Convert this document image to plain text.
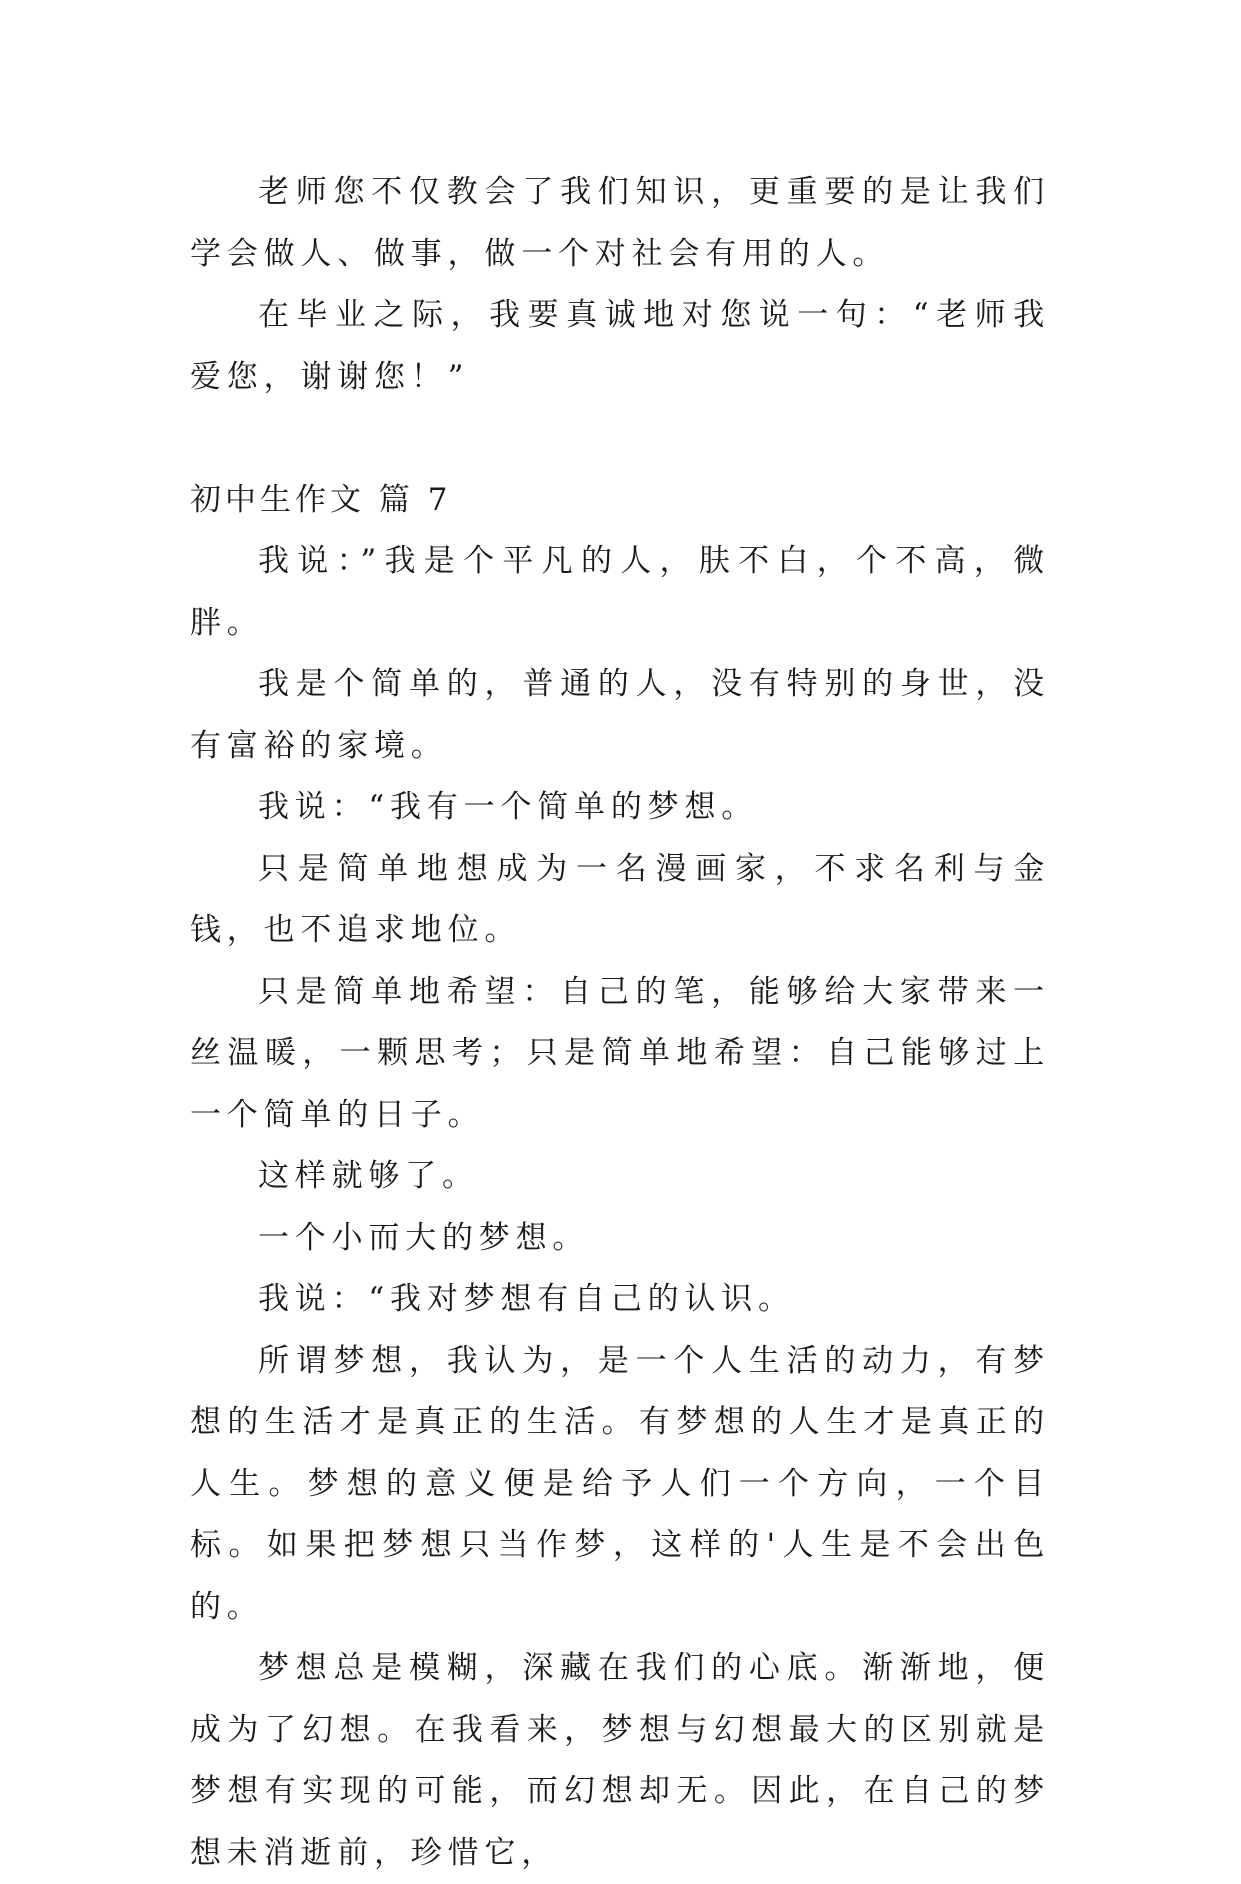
老师您不仅教会了我们知识，更重要的是让我们学会做人、做事，做一个对社会有用的人。

在毕业之际，我要真诚地对您说一句：“老师我爱您，谢谢您！”

初中生作文 篇 7

我说：”我是个平凡的人，肤不白，个不高，微胖。

我是个简单的，普通的人，没有特别的身世，没有富裕的家境。

我说：“我有一个简单的梦想。

只是简单地想成为一名漫画家，不求名利与金钱，也不追求地位。

只是简单地希望：自己的笔，能够给大家带来一丝温暖，一颗思考；只是简单地希望：自己能够过上一个简单的日子。

这样就够了。

一个小而大的梦想。

我说：“我对梦想有自己的认识。

所谓梦想，我认为，是一个人生活的动力，有梦想的生活才是真正的生活。有梦想的人生才是真正的人生。梦想的意义便是给予人们一个方向，一个目标。如果把梦想只当作梦，这样的'人生是不会出色的。

梦想总是模糊，深藏在我们的心底。渐渐地，便成为了幻想。在我看来，梦想与幻想最大的区别就是梦想有实现的可能，而幻想却无。因此，在自己的梦想未消逝前，珍惜它，
